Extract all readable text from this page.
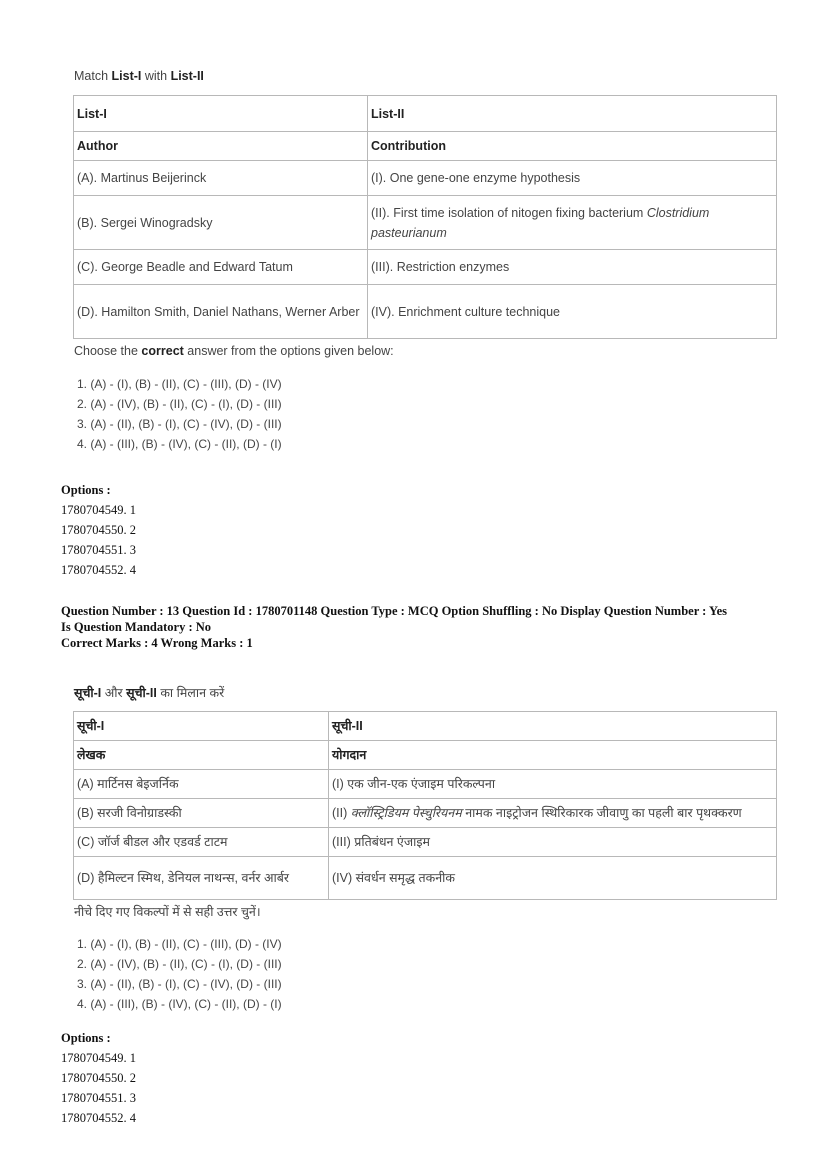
Match List-I with List-II
List-I	List-II
Author	Contribution
(A). Martinus Beijerinck	(I). One gene-one enzyme hypothesis
(B). Sergei Winogradsky	(II). First time isolation of nitogen fixing bacterium Clostridium pasteurianum
(C). George Beadle and Edward Tatum	(III). Restriction enzymes
(D). Hamilton Smith, Daniel Nathans, Werner Arber	(IV). Enrichment culture technique
Choose the correct answer from the options given below:
1. (A) - (I), (B) - (II), (C) - (III), (D) - (IV)
2. (A) - (IV), (B) - (II), (C) - (I), (D) - (III)
3. (A) - (II), (B) - (I), (C) - (IV), (D) - (III)
4. (A) - (III), (B) - (IV), (C) - (II), (D) - (I)
Options :
1780704549. 1
1780704550. 2
1780704551. 3
1780704552. 4
Question Number : 13 Question Id : 1780701148 Question Type : MCQ Option Shuffling : No Display Question Number : Yes
Is Question Mandatory : No
Correct Marks : 4 Wrong Marks : 1
सूची-I और सूची-II का मिलान करें
सूची-I	सूची-II
लेखक	योगदान
(A) मार्टिनस बेइजर्निक	(I) एक जीन-एक एंजाइम परिकल्पना
(B) सरजी विनोग्राडस्की	(II) क्लॉस्ट्रिडियम पेस्चुरियनम नामक नाइट्रोजन स्थिरिकारक जीवाणु का पहली बार पृथक्करण
(C) जॉर्ज बीडल और एडवर्ड टाटम	(III) प्रतिबंधन एंजाइम
(D) हैमिल्टन स्मिथ, डेनियल नाथन्स, वर्नर आर्बर	(IV) संवर्धन समृद्ध तकनीक
नीचे दिए गए विकल्पों में से सही उत्तर चुनें।
1. (A) - (I), (B) - (II), (C) - (III), (D) - (IV)
2. (A) - (IV), (B) - (II), (C) - (I), (D) - (III)
3. (A) - (II), (B) - (I), (C) - (IV), (D) - (III)
4. (A) - (III), (B) - (IV), (C) - (II), (D) - (I)
Options :
1780704549. 1
1780704550. 2
1780704551. 3
1780704552. 4
